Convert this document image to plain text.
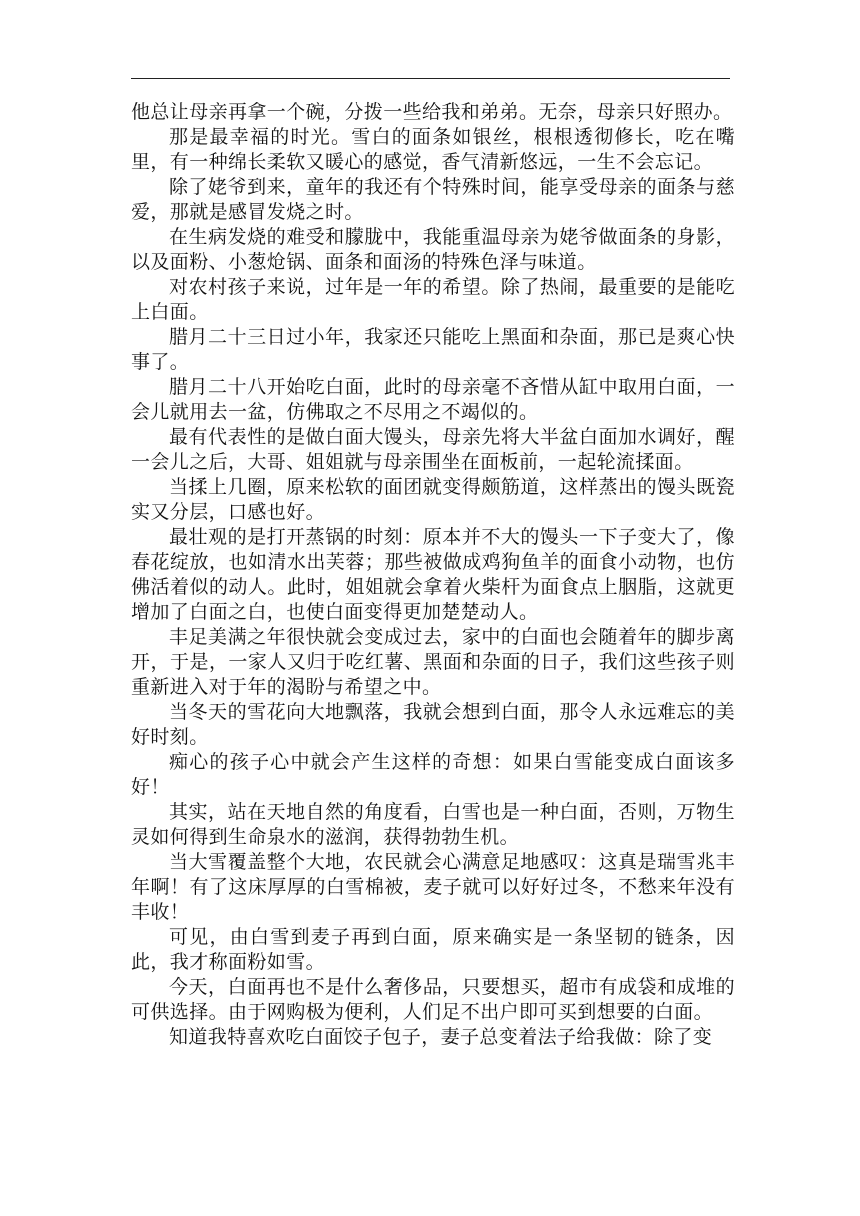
他总让母亲再拿一个碗，分拨一些给我和弟弟。无奈，母亲只好照办。

那是最幸福的时光。雪白的面条如银丝，根根透彻修长，吃在嘴里，有一种绵长柔软又暖心的感觉，香气清新悠远，一生不会忘记。

除了姥爷到来，童年的我还有个特殊时间，能享受母亲的面条与慈爱，那就是感冒发烧之时。

在生病发烧的难受和朦胧中，我能重温母亲为姥爷做面条的身影，以及面粉、小葱炝锅、面条和面汤的特殊色泽与味道。

对农村孩子来说，过年是一年的希望。除了热闹，最重要的是能吃上白面。

腊月二十三日过小年，我家还只能吃上黑面和杂面，那已是爽心快事了。

腊月二十八开始吃白面，此时的母亲毫不吝惜从缸中取用白面，一会儿就用去一盆，仿佛取之不尽用之不竭似的。

最有代表性的是做白面大馒头，母亲先将大半盆白面加水调好，醒一会儿之后，大哥、姐姐就与母亲围坐在面板前，一起轮流揉面。

当揉上几圈，原来松软的面团就变得颇筋道，这样蒸出的馒头既瓷实又分层，口感也好。

最壮观的是打开蒸锅的时刻：原本并不大的馒头一下子变大了，像春花绽放，也如清水出芙蓉；那些被做成鸡狗鱼羊的面食小动物，也仿佛活着似的动人。此时，姐姐就会拿着火柴杆为面食点上胭脂，这就更增加了白面之白，也使白面变得更加楚楚动人。

丰足美满之年很快就会变成过去，家中的白面也会随着年的脚步离开，于是，一家人又归于吃红薯、黑面和杂面的日子，我们这些孩子则重新进入对于年的渴盼与希望之中。

当冬天的雪花向大地飘落，我就会想到白面，那令人永远难忘的美好时刻。

痴心的孩子心中就会产生这样的奇想：如果白雪能变成白面该多好！

其实，站在天地自然的角度看，白雪也是一种白面，否则，万物生灵如何得到生命泉水的滋润，获得勃勃生机。

当大雪覆盖整个大地，农民就会心满意足地感叹：这真是瑞雪兆丰年啊！有了这床厚厚的白雪棉被，麦子就可以好好过冬，不愁来年没有丰收！

可见，由白雪到麦子再到白面，原来确实是一条坚韧的链条，因此，我才称面粉如雪。

今天，白面再也不是什么奢侈品，只要想买，超市有成袋和成堆的可供选择。由于网购极为便利，人们足不出户即可买到想要的白面。

知道我特喜欢吃白面饺子包子，妻子总变着法子给我做：除了变
